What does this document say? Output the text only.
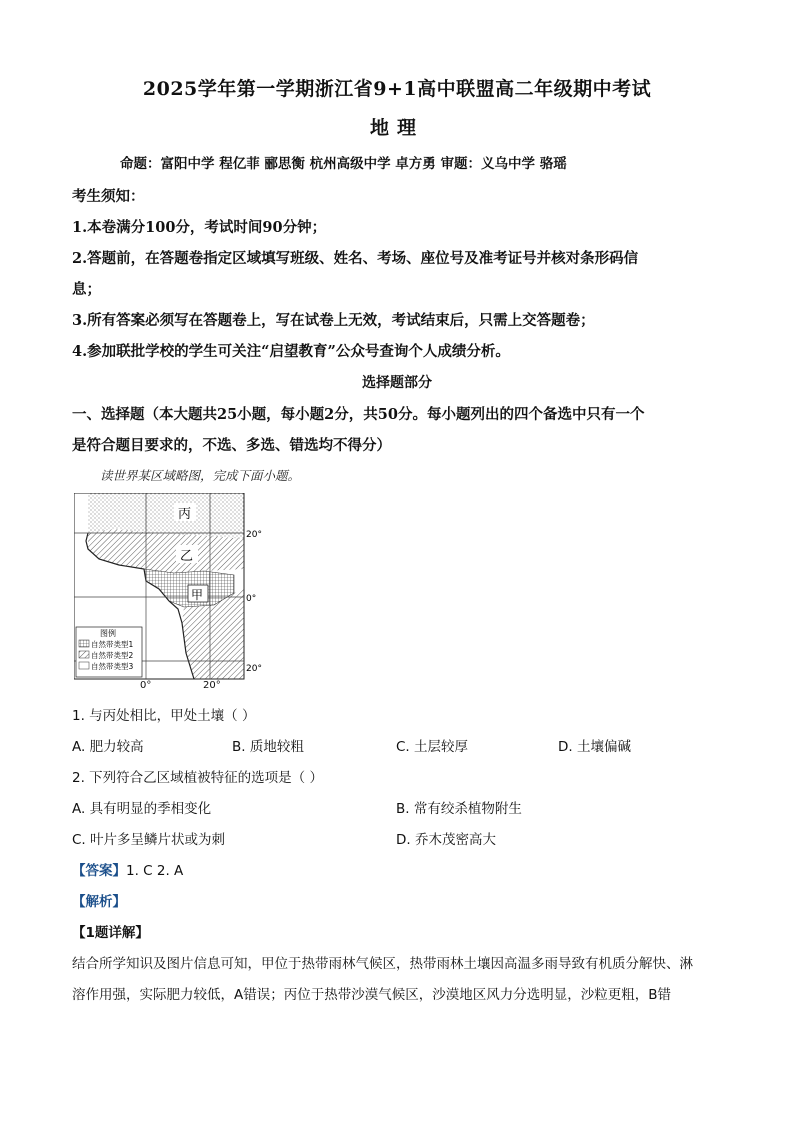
2025学年第一学期浙江省9+1高中联盟高二年级期中考试
地理
命题：富阳中学 程亿菲 郦思衡 杭州高级中学 卓方勇 审题：义乌中学 骆瑶
考生须知：
1.本卷满分100分，考试时间90分钟；
2.答题前，在答题卷指定区域填写班级、姓名、考场、座位号及准考证号并核对条形码信
息；
3.所有答案必须写在答题卷上，写在试卷上无效，考试结束后，只需上交答题卷；
4.参加联批学校的学生可关注“启望教育”公众号查询个人成绩分析。
选择题部分
一、选择题（本大题共25小题，每小题2分，共50分。每小题列出的四个备选中只有一个
是符合题目要求的，不选、多选、错选均不得分）
读世界某区域略图，完成下面小题。
丙
乙
甲
20°
0°
20°
图例
自然带类型1
自然带类型2
自然带类型3
0°	20°
1. 与丙处相比，甲处土壤（ ）
A. 肥力较高	B. 质地较粗	C. 土层较厚	D. 土壤偏碱
2. 下列符合乙区域植被特征的选项是（ ）
A. 具有明显的季相变化	B. 常有绞杀植物附生
C. 叶片多呈鳞片状或为刺	D. 乔木茂密高大
【答案】1. C 2. A
【解析】
【1题详解】
结合所学知识及图片信息可知，甲位于热带雨林气候区，热带雨林土壤因高温多雨导致有机质分解快、淋
溶作用强，实际肥力较低，A错误；丙位于热带沙漠气候区，沙漠地区风力分选明显，沙粒更粗，B错
